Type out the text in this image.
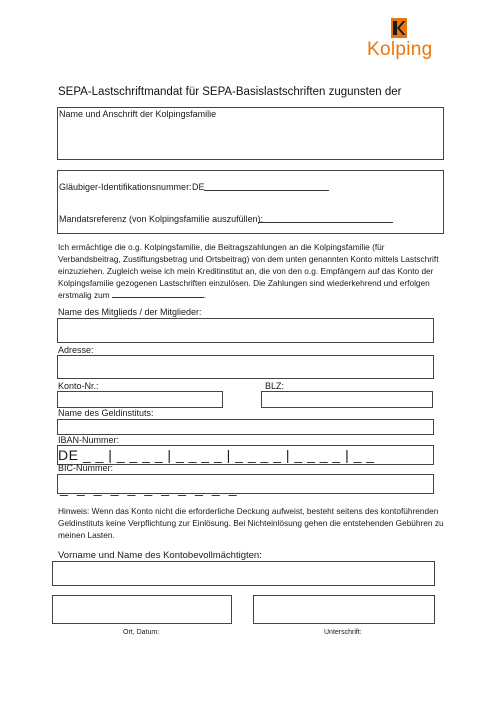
Kolping
SEPA-Lastschriftmandat für SEPA-Basislastschriften zugunsten der
Name und Anschrift der Kolpingsfamilie
Gläubiger-Identifikationsnummer: DE
Mandatsreferenz (von Kolpingsfamilie auszufüllen):
Ich ermächtige die o.g. Kolpingsfamilie, die Beitragszahlungen an die Kolpingsfamilie (für Verbandsbeitrag, Zustiftungsbetrag und Ortsbeitrag) von dem unten genannten Konto mittels Lastschrift einzuziehen. Zugleich weise ich mein Kreditinstitut an, die von den o.g. Empfängern auf das Konto der Kolpingsfamilie gezogenen Lastschriften einzulösen. Die Zahlungen sind wiederkehrend und erfolgen erstmalig zum	.
Name des Mitglieds / der Mitglieder:
Adresse:
Konto-Nr.:	BLZ:
Name des Geldinstituts:
IBAN-Nummer:
DE _ _ | _ _ _ _ | _ _ _ _ | _ _ _ _ | _ _ _ _ | _ _
BIC-Nummer:
_ _ _ _ _ _ _ _ _ _ _
Hinweis: Wenn das Konto nicht die erforderliche Deckung aufweist, besteht seitens des kontoführenden Geldinstituts keine Verpflichtung zur Einlösung. Bei Nichteinlösung gehen die entstehenden Gebühren zu meinen Lasten.
Vorname und Name des Kontobevollmächtigten:
Ort, Datum:	Unterschrift:
